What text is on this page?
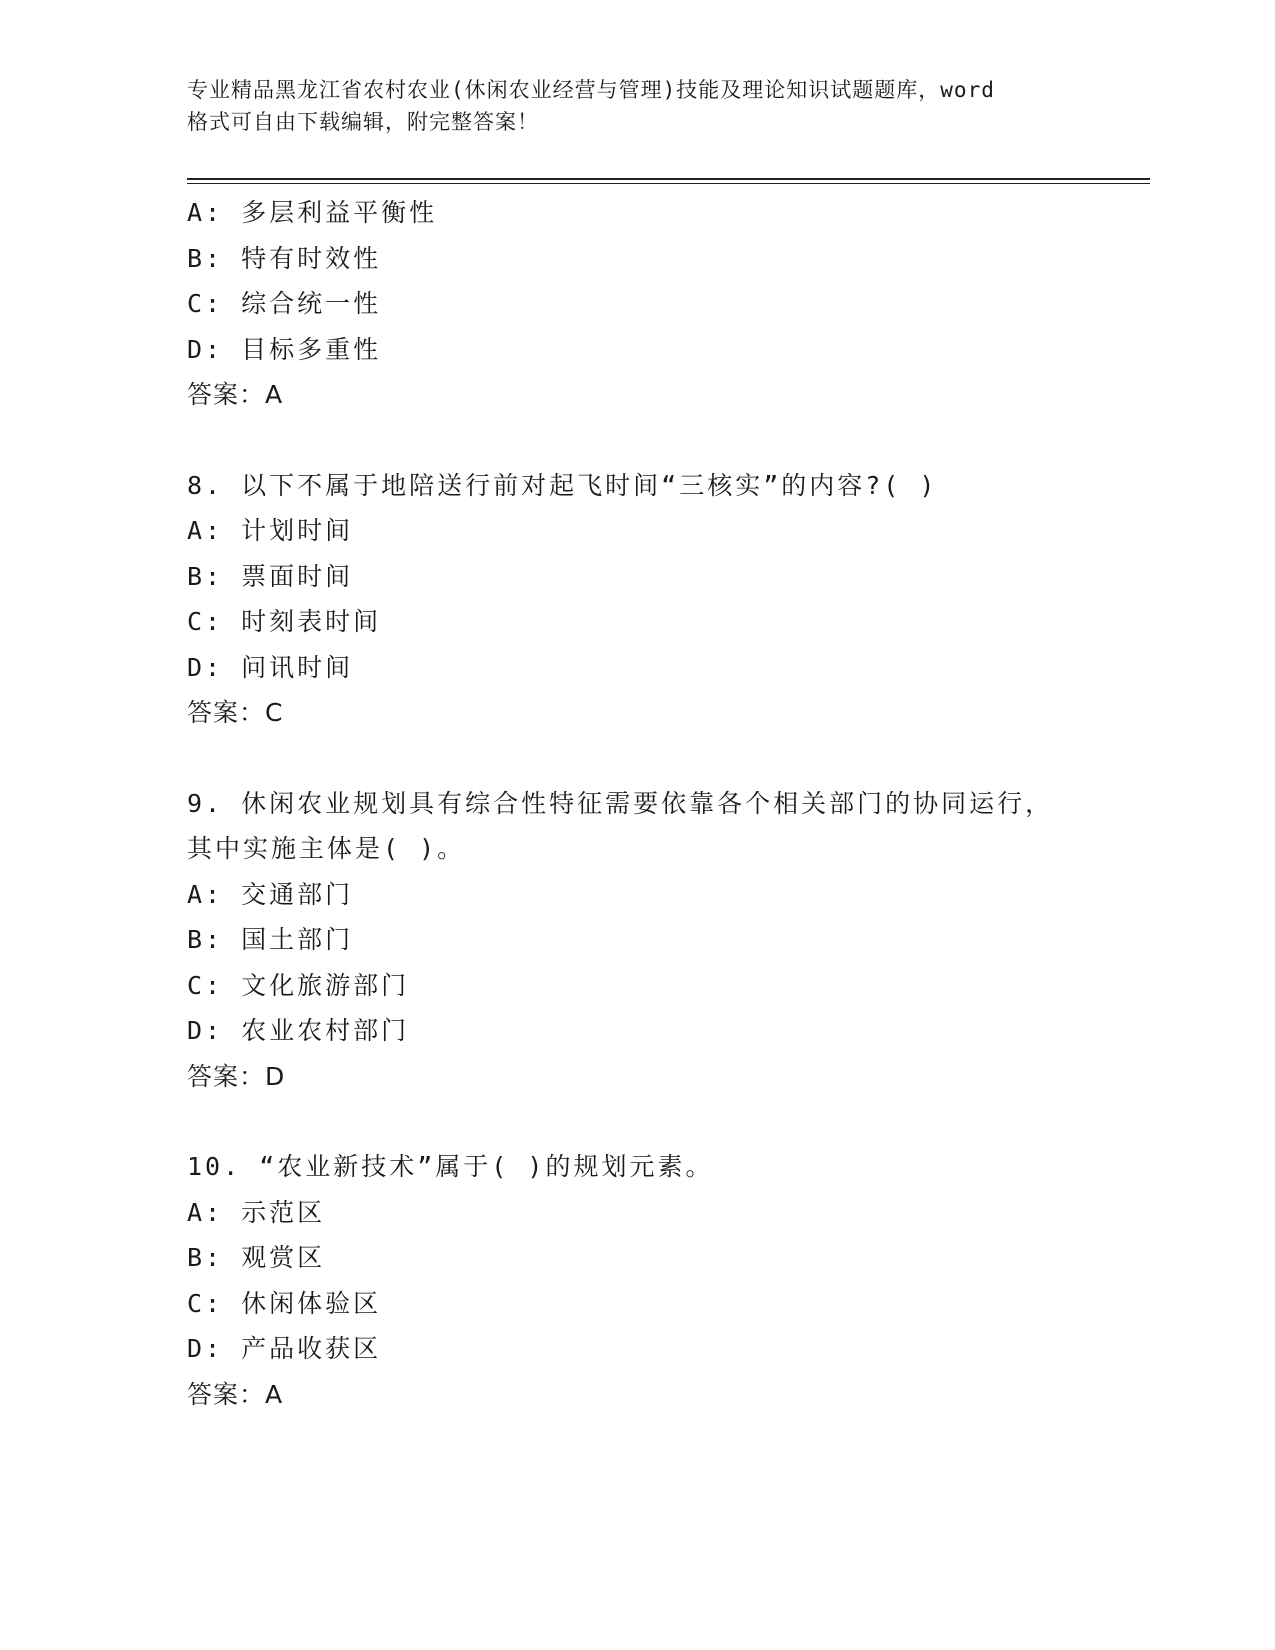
专业精品黑龙江省农村农业(休闲农业经营与管理)技能及理论知识试题题库，word
格式可自由下载编辑，附完整答案！
A: 多层利益平衡性
B: 特有时效性
C: 综合统一性
D: 目标多重性
答案：A
8. 以下不属于地陪送行前对起飞时间“三核实”的内容?( )
A: 计划时间
B: 票面时间
C: 时刻表时间
D: 问讯时间
答案：C
9. 休闲农业规划具有综合性特征需要依靠各个相关部门的协同运行，
其中实施主体是( )。
A: 交通部门
B: 国土部门
C: 文化旅游部门
D: 农业农村部门
答案：D
10. “农业新技术”属于( )的规划元素。
A: 示范区
B: 观赏区
C: 休闲体验区
D: 产品收获区
答案：A
